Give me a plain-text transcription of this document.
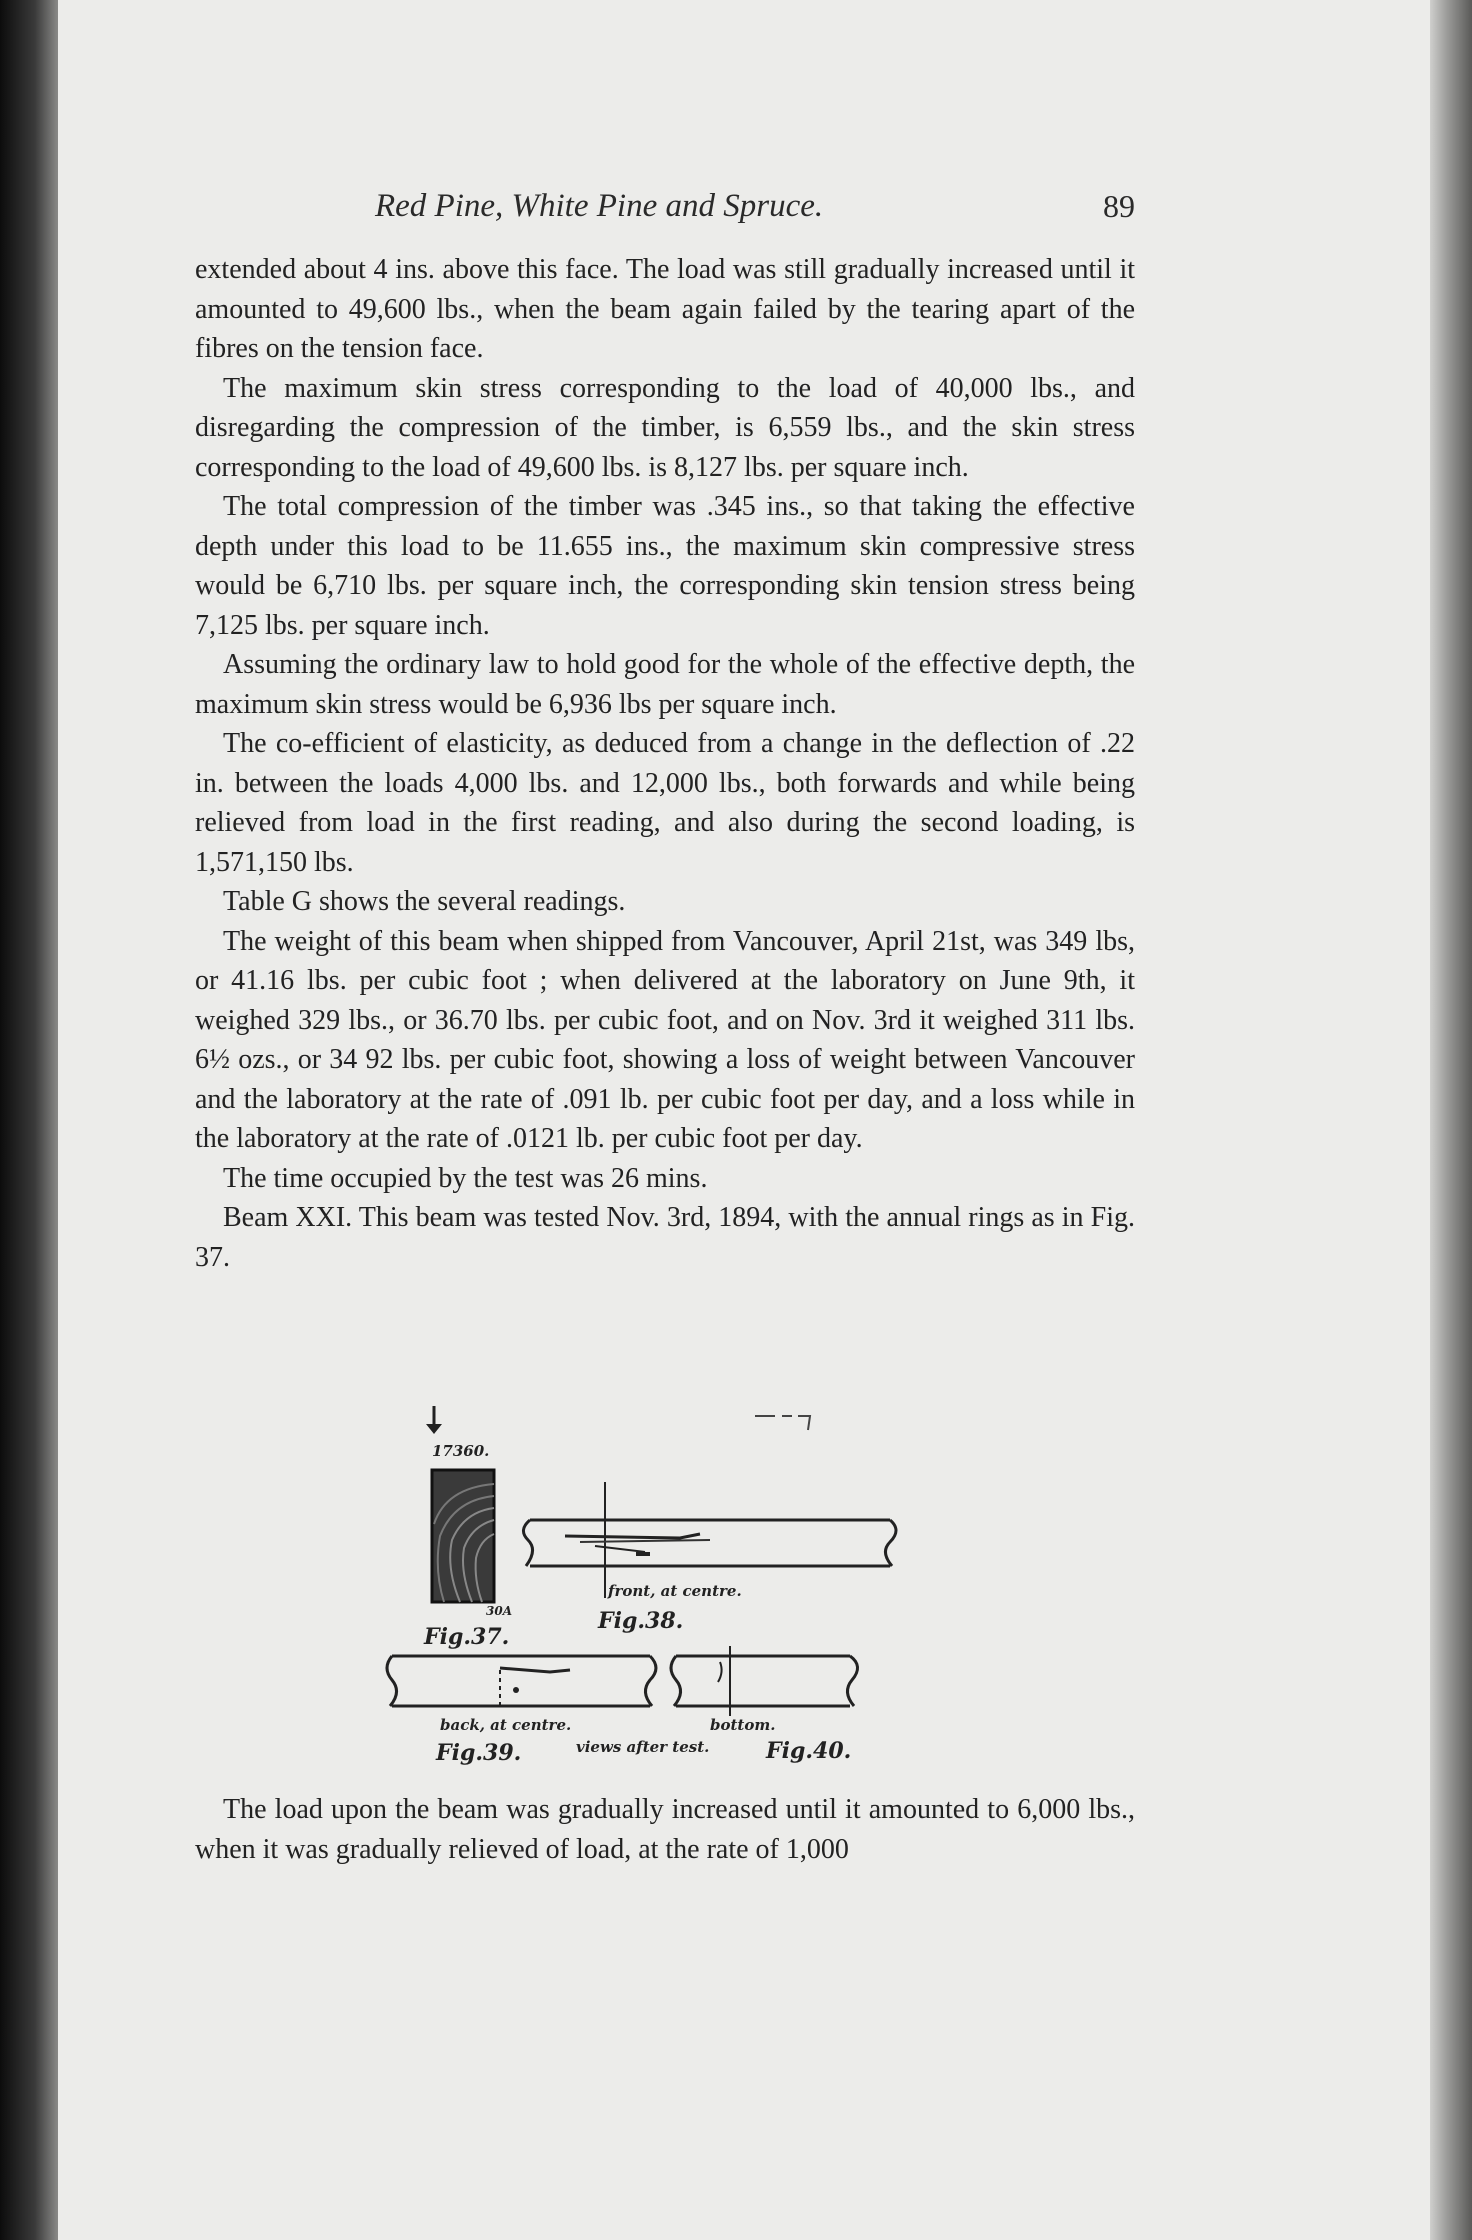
Red Pine, White Pine and Spruce.	89

extended about 4 ins. above this face. The load was still gradually increased until it amounted to 49,600 lbs., when the beam again failed by the tearing apart of the fibres on the tension face.

The maximum skin stress corresponding to the load of 40,000 lbs., and disregarding the compression of the timber, is 6,559 lbs., and the skin stress corresponding to the load of 49,600 lbs. is 8,127 lbs. per square inch.

The total compression of the timber was .345 ins., so that taking the effective depth under this load to be 11.655 ins., the maximum skin compressive stress would be 6,710 lbs. per square inch, the corresponding skin tension stress being 7,125 lbs. per square inch.

Assuming the ordinary law to hold good for the whole of the effective depth, the maximum skin stress would be 6,936 lbs per square inch.

The co-efficient of elasticity, as deduced from a change in the deflection of .22 in. between the loads 4,000 lbs. and 12,000 lbs., both forwards and while being relieved from load in the first reading, and also during the second loading, is 1,571,150 lbs.

Table G shows the several readings.

The weight of this beam when shipped from Vancouver, April 21st, was 349 lbs, or 41.16 lbs. per cubic foot ; when delivered at the laboratory on June 9th, it weighed 329 lbs., or 36.70 lbs. per cubic foot, and on Nov. 3rd it weighed 311 lbs. 6½ ozs., or 34 92 lbs. per cubic foot, showing a loss of weight between Vancouver and the laboratory at the rate of .091 lb. per cubic foot per day, and a loss while in the laboratory at the rate of .0121 lb. per cubic foot per day.

The time occupied by the test was 26 mins.

Beam XXI. This beam was tested Nov. 3rd, 1894, with the annual rings as in Fig. 37.

17360.
30A
Fig.37.
front, at centre.
Fig.38.
back, at centre.
Fig.39.
bottom.
views after test.	Fig.40.

The load upon the beam was gradually increased until it amounted to 6,000 lbs., when it was gradually relieved of load, at the rate of 1,000
